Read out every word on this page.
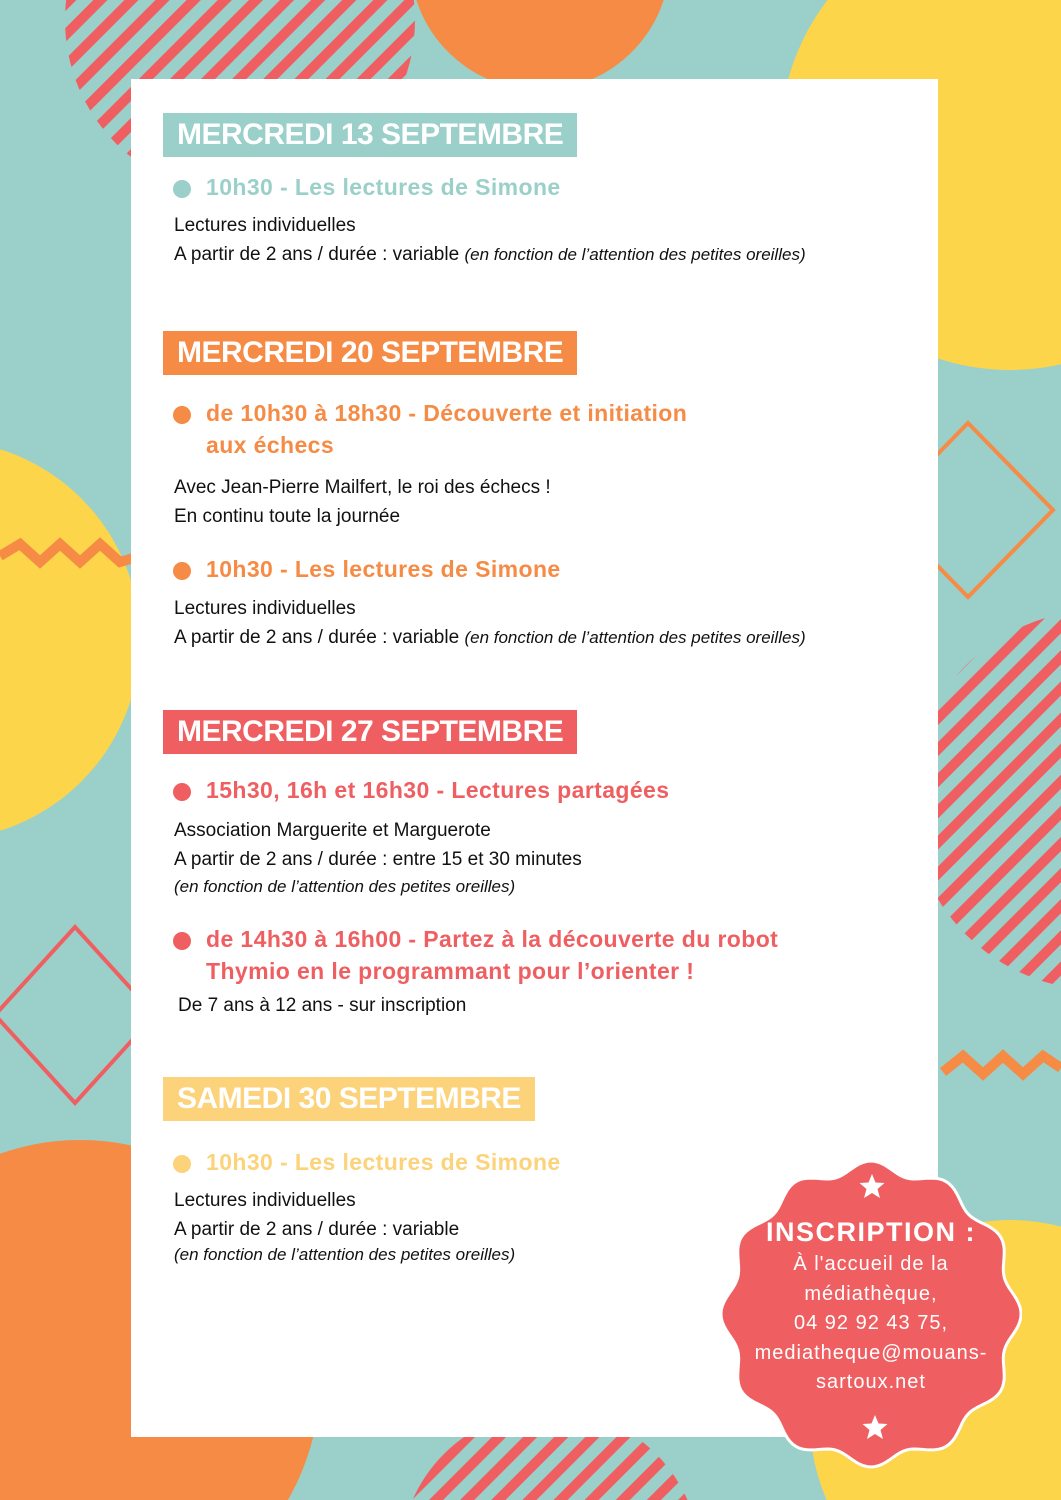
MERCREDI 13 SEPTEMBRE
10h30 - Les lectures de Simone
Lectures individuelles
A partir de 2 ans / durée : variable (en fonction de l’attention des petites oreilles)
MERCREDI 20 SEPTEMBRE
de 10h30 à 18h30 - Découverte et initiation
aux échecs
Avec Jean-Pierre Mailfert, le roi des échecs !
En continu toute la journée
10h30 - Les lectures de Simone
Lectures individuelles
A partir de 2 ans / durée : variable (en fonction de l’attention des petites oreilles)
MERCREDI 27 SEPTEMBRE
15h30, 16h et 16h30 - Lectures partagées
Association Marguerite et Marguerote
A partir de 2 ans / durée : entre 15 et 30 minutes
(en fonction de l’attention des petites oreilles)
de 14h30 à 16h00 - Partez à la découverte du robot
Thymio en le programmant pour l’orienter !
De 7 ans à 12 ans - sur inscription
SAMEDI 30 SEPTEMBRE
10h30 - Les lectures de Simone
Lectures individuelles
A partir de 2 ans / durée : variable
(en fonction de l’attention des petites oreilles)
INSCRIPTION :
À l'accueil de la
médiathèque,
04 92 92 43 75,
mediatheque@mouans-
sartoux.net
